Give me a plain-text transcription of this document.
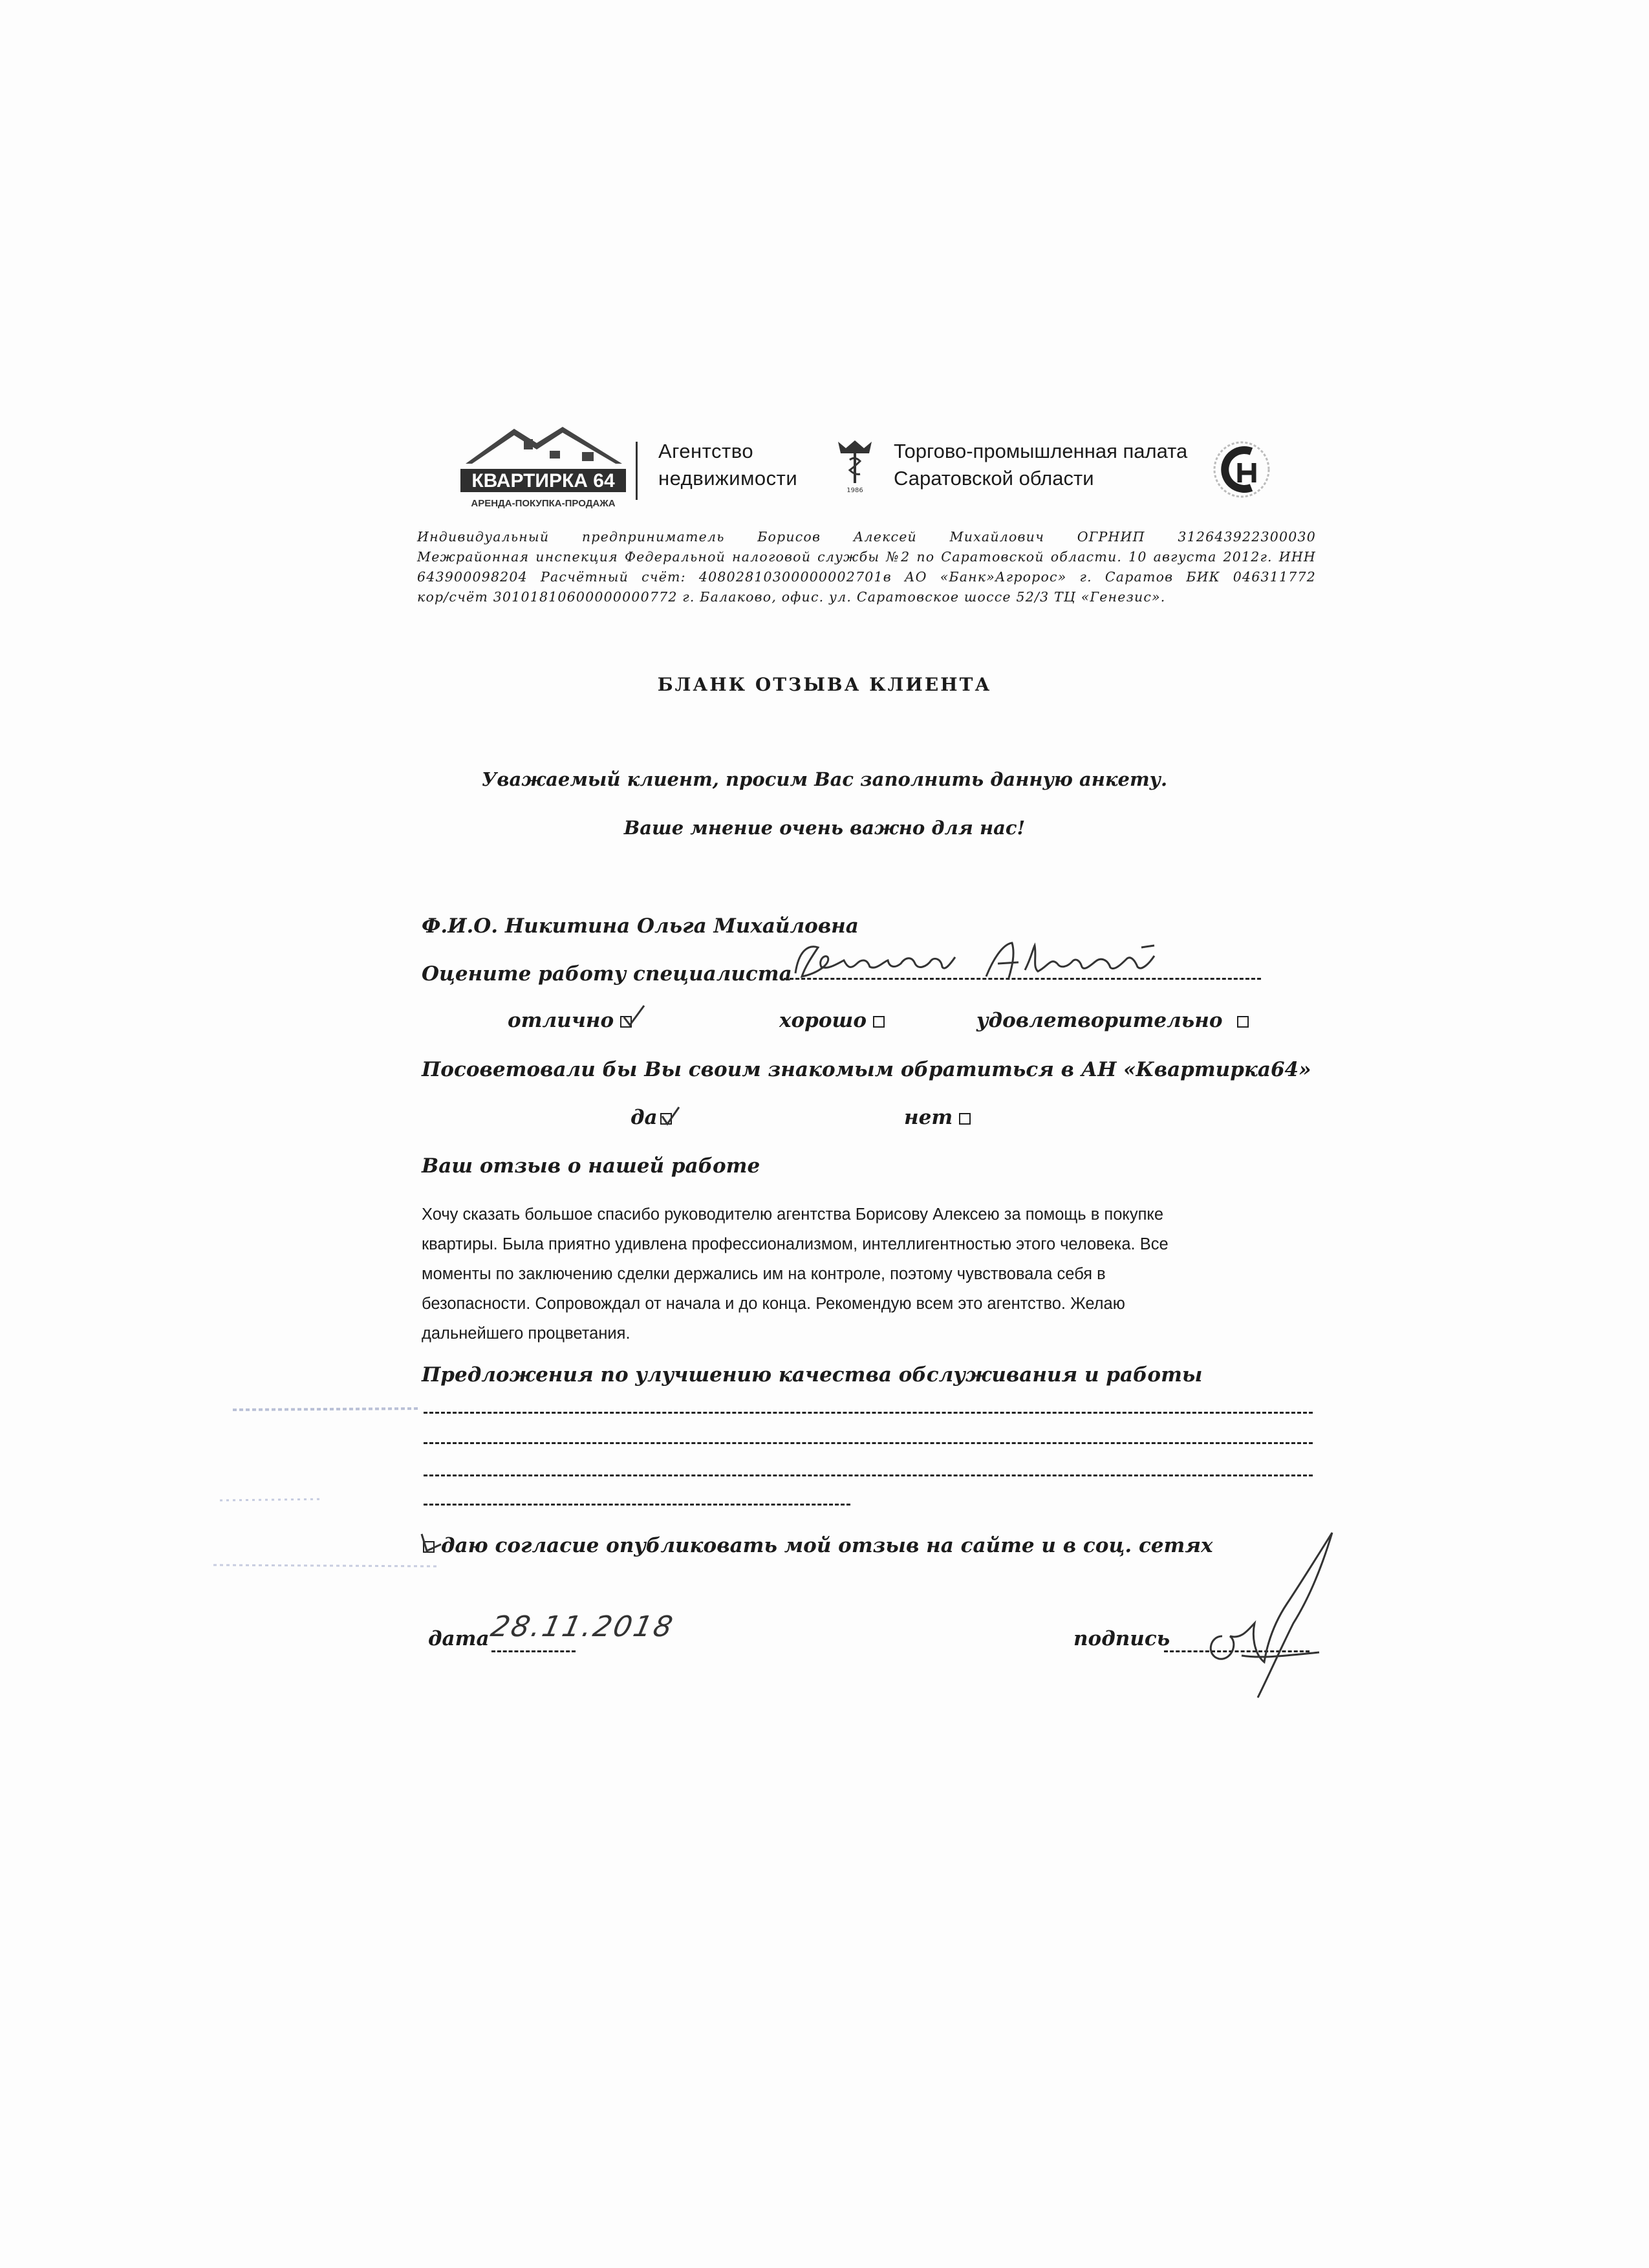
КВАРТИРКА 64
АРЕНДА-ПОКУПКА-ПРОДАЖА
Агентство
недвижимости
1986
Торгово-промышленная палата
Саратовской области
Индивидуальный предприниматель Борисов Алексей Михайлович ОГРНИП 312643922300030
Межрайонная инспекция Федеральной налоговой службы №2 по Саратовской области. 10 августа 2012г. ИНН
643900098204 Расчётный счёт: 40802810300000002701в АО «Банк»Агророс» г. Саратов БИК 046311772
кор/счёт 30101810600000000772 г. Балаково, офис. ул. Саратовское шоссе 52/3 ТЦ «Генезис».
БЛАНК ОТЗЫВА КЛИЕНТА
Уважаемый клиент, просим Вас заполнить данную анкету.
Ваше мнение очень важно для нас!
Ф.И.О. Никитина Ольга Михайловна
Оцените работу специалиста
отлично	хорошо	удовлетворительно
Посоветовали бы Вы своим знакомым обратиться в АН «Квартирка64»
да	нет
Ваш отзыв о нашей работе
Хочу сказать большое спасибо руководителю агентства Борисову Алексею за помощь в покупке
квартиры. Была приятно удивлена профессионализмом, интеллигентностью этого человека. Все
моменты по заключению сделки держались им на контроле, поэтому чувствовала себя в
безопасности. Сопровождал от начала и до конца. Рекомендую всем это агентство. Желаю
дальнейшего процветания.
Предложения по улучшению качества обслуживания и работы
дaю согласие опубликовать мой отзыв на сайте и в соц. сетях
дата
28.11.2018	подпись
